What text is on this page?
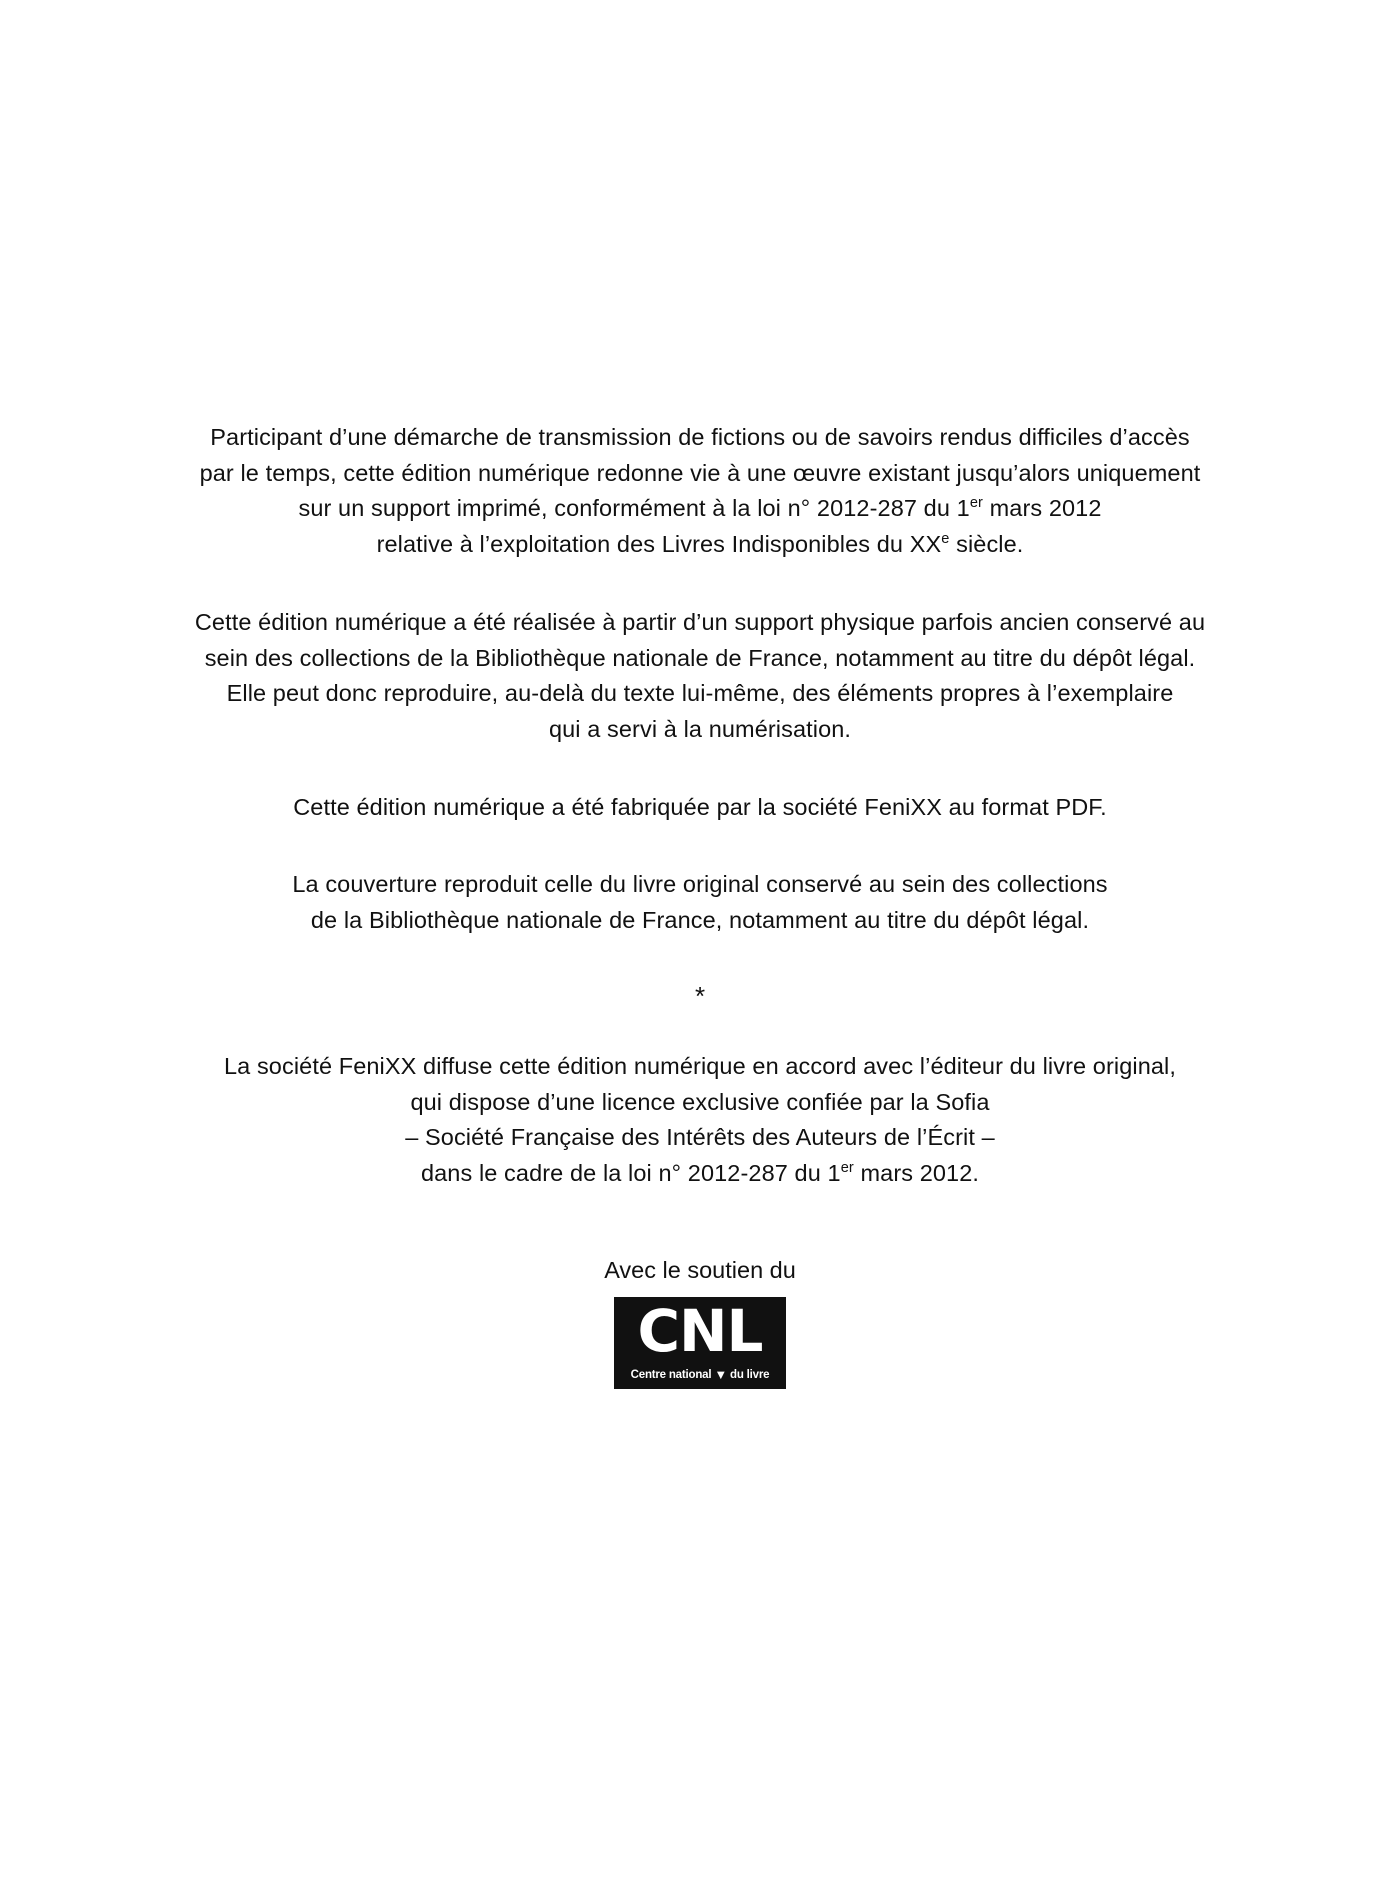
Participant d’une démarche de transmission de fictions ou de savoirs rendus difficiles d’accès
par le temps, cette édition numérique redonne vie à une œuvre existant jusqu’alors uniquement
sur un support imprimé, conformément à la loi n° 2012-287 du 1er mars 2012
relative à l’exploitation des Livres Indisponibles du XXe siècle.

Cette édition numérique a été réalisée à partir d’un support physique parfois ancien conservé au
sein des collections de la Bibliothèque nationale de France, notamment au titre du dépôt légal.
Elle peut donc reproduire, au-delà du texte lui-même, des éléments propres à l’exemplaire
qui a servi à la numérisation.

Cette édition numérique a été fabriquée par la société FeniXX au format PDF.

La couverture reproduit celle du livre original conservé au sein des collections
de la Bibliothèque nationale de France, notamment au titre du dépôt légal.

*

La société FeniXX diffuse cette édition numérique en accord avec l’éditeur du livre original,
qui dispose d’une licence exclusive confiée par la Sofia
– Société Française des Intérêts des Auteurs de l’Écrit –
dans le cadre de la loi n° 2012-287 du 1er mars 2012.

Avec le soutien du
CNL
Centre national ▼ du livre
